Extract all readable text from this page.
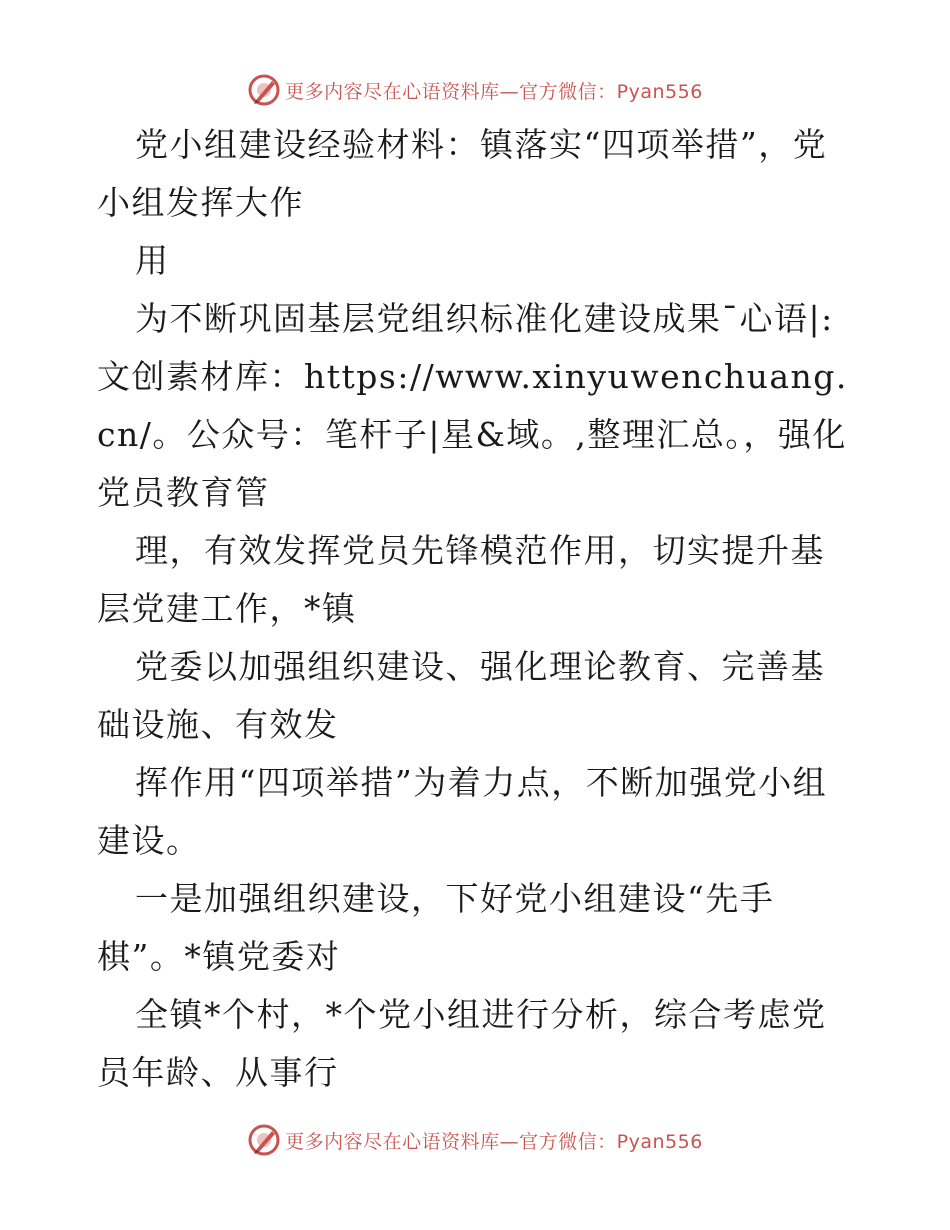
更多内容尽在心语资料库—官方微信：Pyan556

党小组建设经验材料：镇落实“四项举措”，党小组发挥大作

用

为不断巩固基层党组织标准化建设成果¯心语|:文创素材库：https://www.xinyuwenchuang.cn/。公众号：笔杆子|星&域。,整理汇总。，强化党员教育管

理，有效发挥党员先锋模范作用，切实提升基层党建工作，*镇

党委以加强组织建设、强化理论教育、完善基础设施、有效发

挥作用“四项举措”为着力点，不断加强党小组建设。

一是加强组织建设，下好党小组建设“先手棋”。*镇党委对

全镇*个村，*个党小组进行分析，综合考虑党员年龄、从事行

更多内容尽在心语资料库—官方微信：Pyan556
